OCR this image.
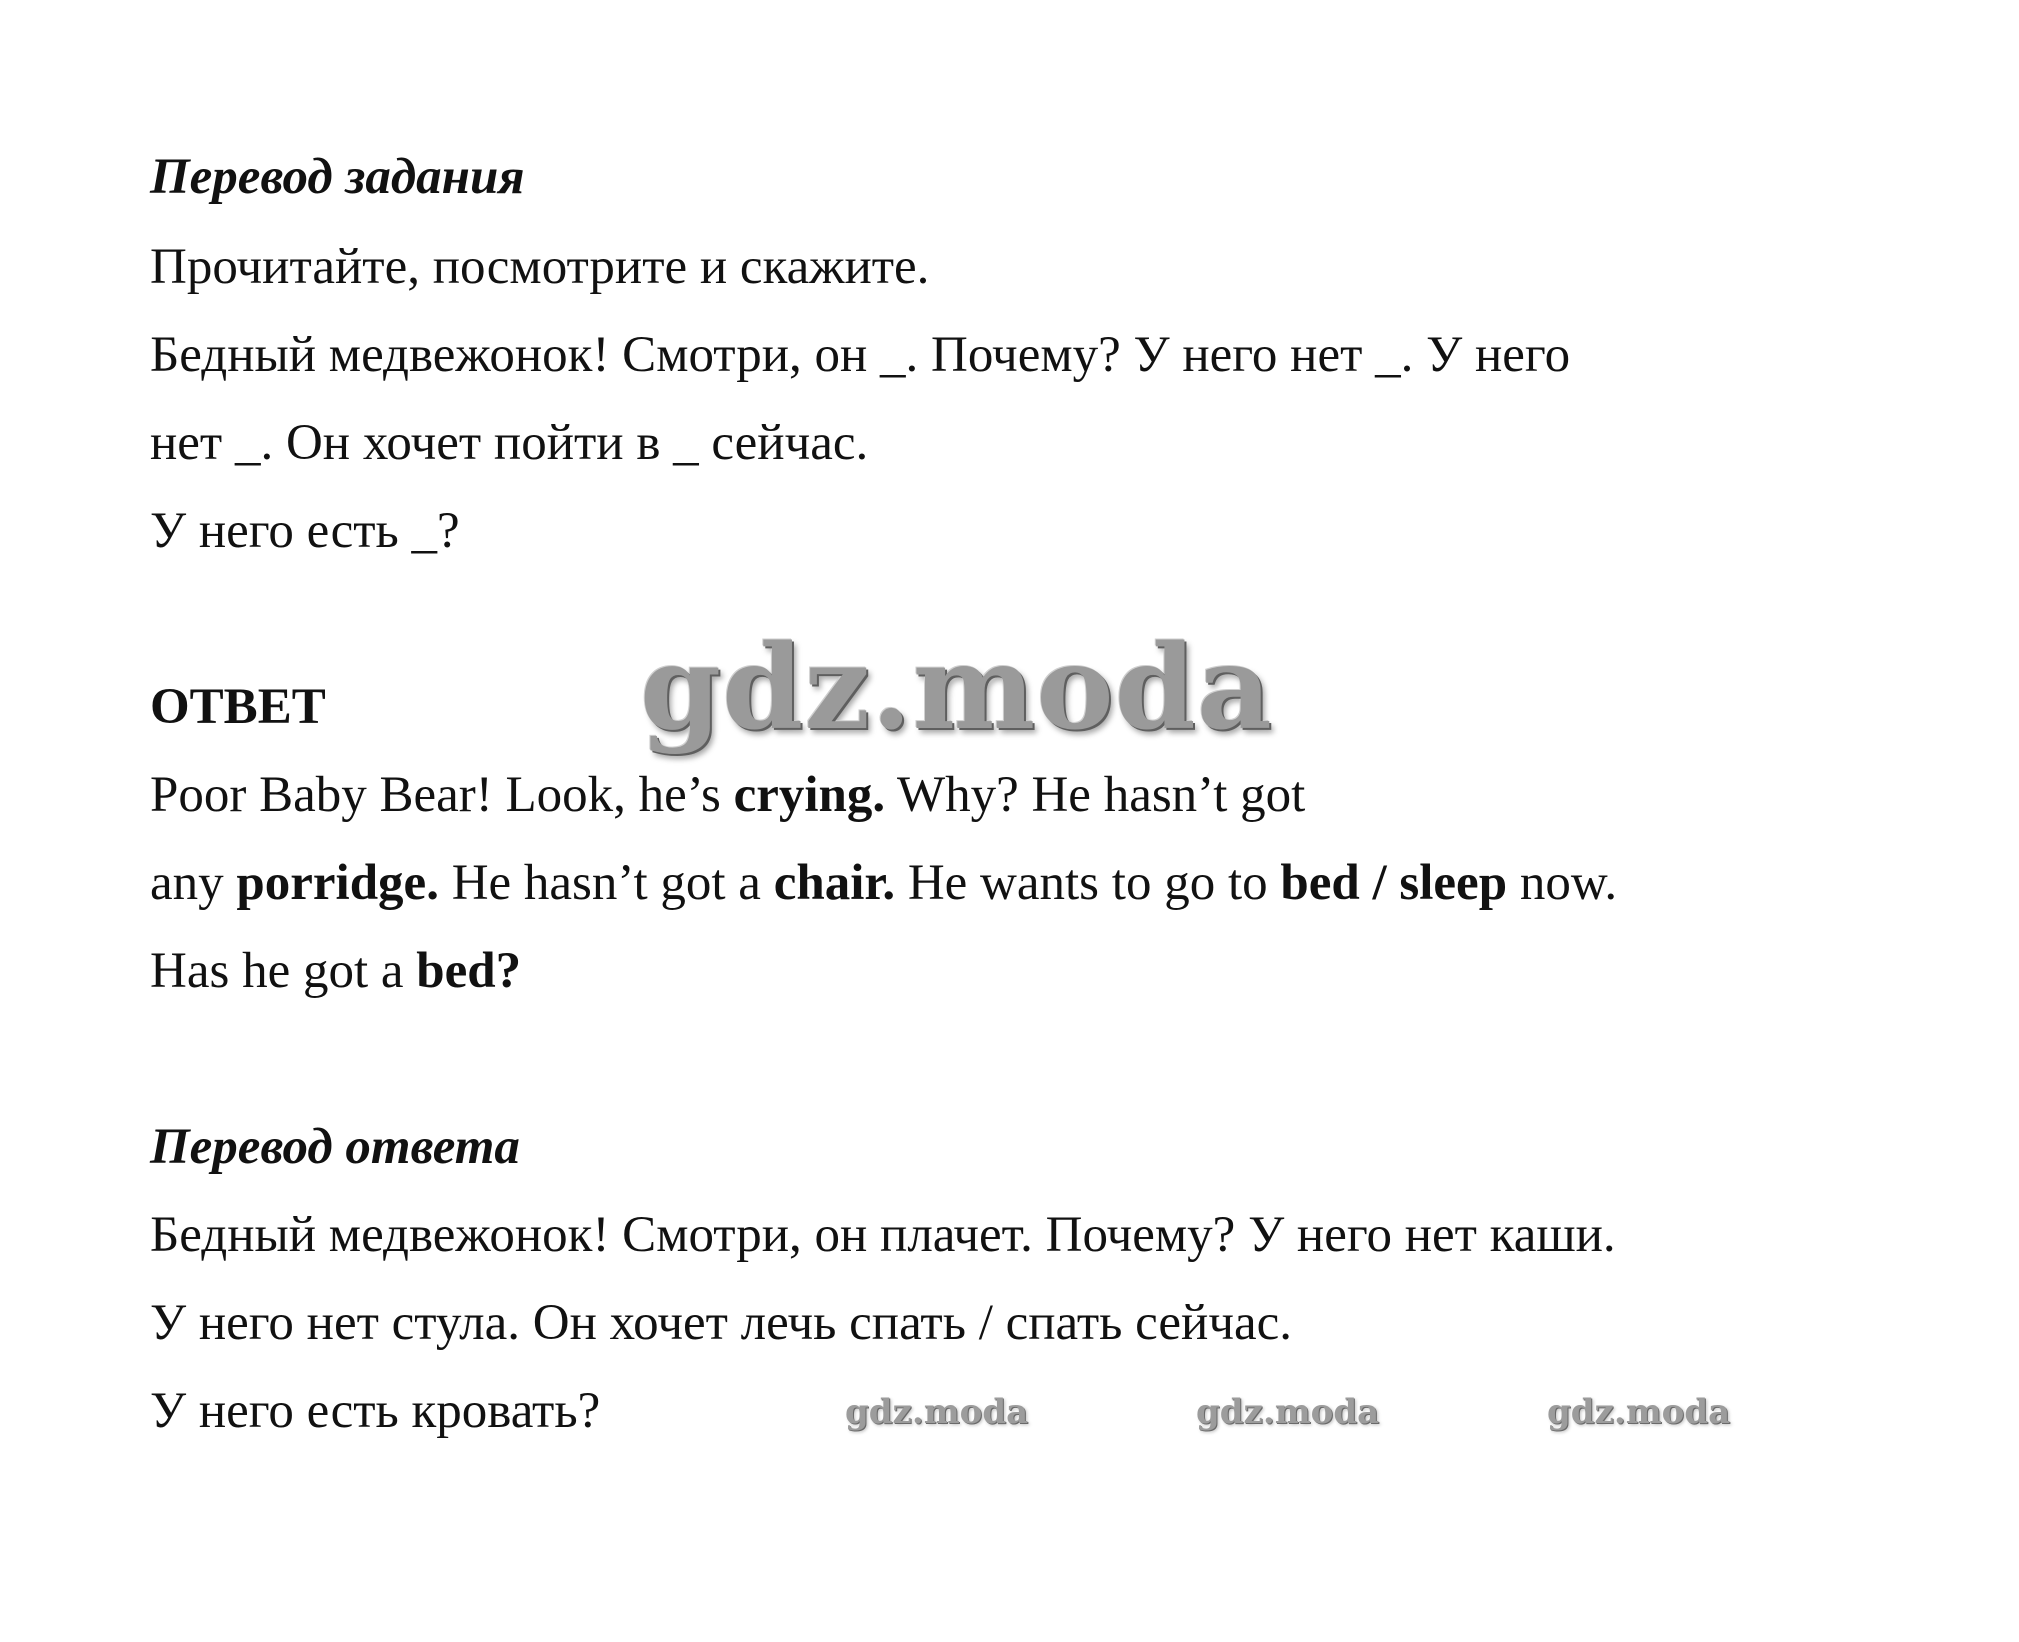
Перевод задания
Прочитайте, посмотрите и скажите.
Бедный медвежонок! Смотри, он _. Почему? У него нет _. У него
нет _. Он хочет пойти в _ сейчас.
У него есть _?
ОТВЕТ
Poor Baby Bear! Look, he’s crying. Why? He hasn’t got
any porridge. He hasn’t got a chair. He wants to go to bed / sleep now.
Has he got a bed?
Перевод ответа
Бедный медвежонок! Смотри, он плачет. Почему? У него нет каши.
У него нет стула. Он хочет лечь спать / спать сейчас.
У него есть кровать?
gdz.moda
gdz.moda	gdz.moda	gdz.moda
